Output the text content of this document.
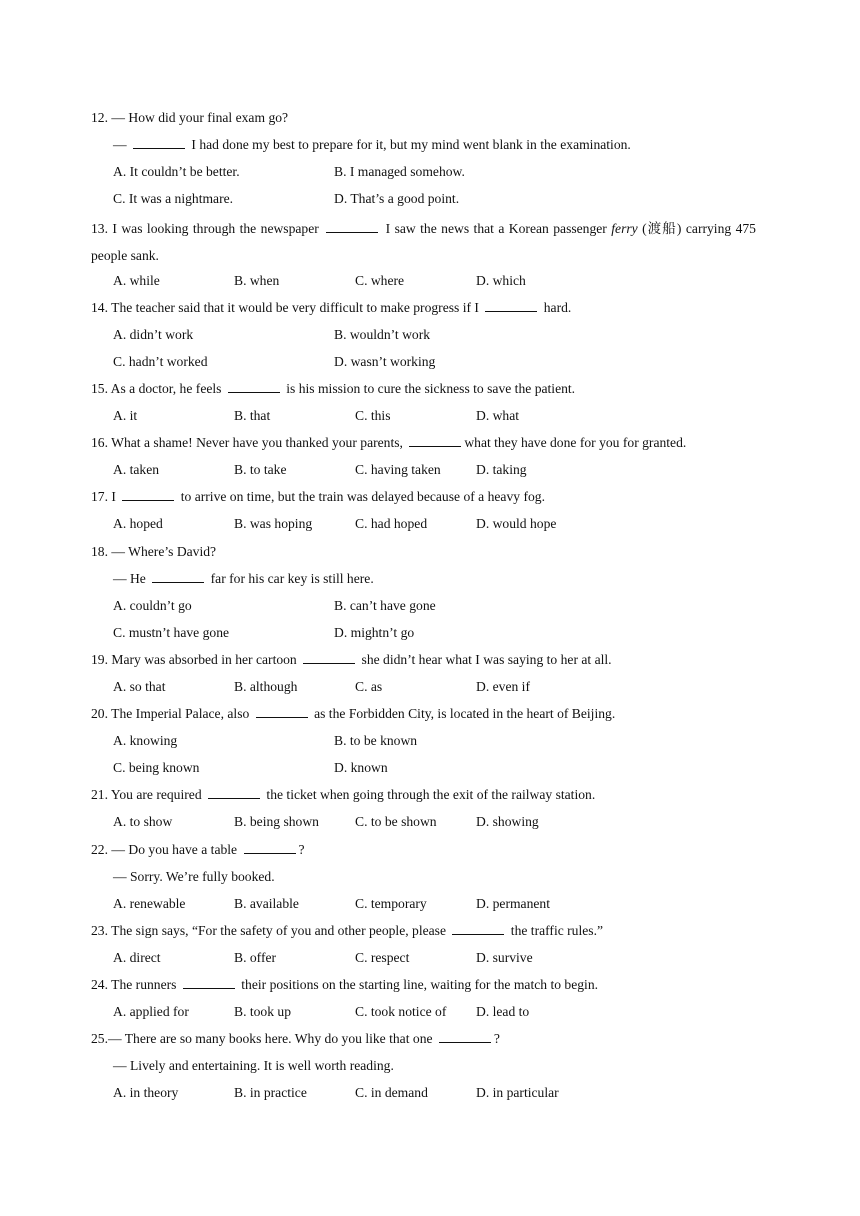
12. — How did your final exam go?
—	I had done my best to prepare for it, but my mind went blank in the examination.
A. It couldn’t be better.	B. I managed somehow.
C. It was a nightmare.	D. That’s a good point.
13. I was looking through the newspaper	I saw the news that a Korean passenger ferry (渡船) carrying 475 people sank.
A. while	B. when	C. where	D. which
14. The teacher said that it would be very difficult to make progress if I	hard.
A. didn’t work	B. wouldn’t work
C. hadn’t worked	D. wasn’t working
15. As a doctor, he feels	is his mission to cure the sickness to save the patient.
A. it	B. that	C. this	D. what
16. What a shame! Never have you thanked your parents,	what they have done for you for granted.
A. taken	B. to take	C. having taken	D. taking
17. I	to arrive on time, but the train was delayed because of a heavy fog.
A. hoped	B. was hoping	C. had hoped	D. would hope
18. — Where’s David?
— He	far for his car key is still here.
A. couldn’t go	B. can’t have gone
C. mustn’t have gone	D. mightn’t go
19. Mary was absorbed in her cartoon	she didn’t hear what I was saying to her at all.
A. so that	B. although	C. as	D. even if
20. The Imperial Palace, also	as the Forbidden City, is located in the heart of Beijing.
A. knowing	B. to be known
C. being known	D. known
21. You are required	the ticket when going through the exit of the railway station.
A. to show	B. being shown	C. to be shown	D. showing
22. — Do you have a table	?
— Sorry. We’re fully booked.
A. renewable	B. available	C. temporary	D. permanent
23. The sign says, “For the safety of you and other people, please	the traffic rules.”
A. direct	B. offer	C. respect	D. survive
24. The runners	their positions on the starting line, waiting for the match to begin.
A. applied for	B. took up	C. took notice of	D. lead to
25.— There are so many books here. Why do you like that one	?
— Lively and entertaining. It is well worth reading.
A. in theory	B. in practice	C. in demand	D. in particular
